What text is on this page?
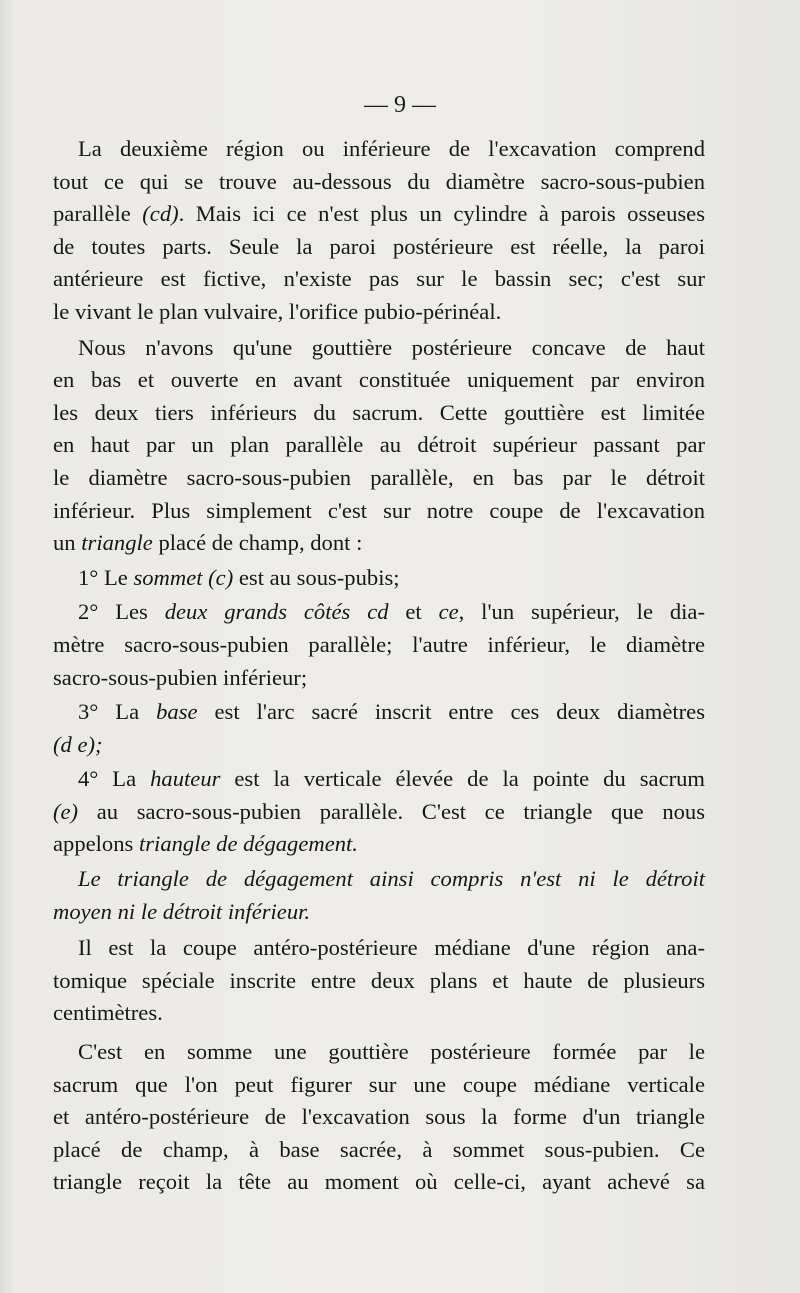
— 9 —
La deuxième région ou inférieure de l'excavation comprend
tout ce qui se trouve au-dessous du diamètre sacro-sous-pubien
parallèle (cd). Mais ici ce n'est plus un cylindre à parois osseuses
de toutes parts. Seule la paroi postérieure est réelle, la paroi
antérieure est fictive, n'existe pas sur le bassin sec; c'est sur
le vivant le plan vulvaire, l'orifice pubio-périnéal.
Nous n'avons qu'une gouttière postérieure concave de haut
en bas et ouverte en avant constituée uniquement par environ
les deux tiers inférieurs du sacrum. Cette gouttière est limitée
en haut par un plan parallèle au détroit supérieur passant par
le diamètre sacro-sous-pubien parallèle, en bas par le détroit
inférieur. Plus simplement c'est sur notre coupe de l'excavation
un triangle placé de champ, dont :
1° Le sommet (c) est au sous-pubis;
2° Les deux grands côtés cd et ce, l'un supérieur, le dia-
mètre sacro-sous-pubien parallèle; l'autre inférieur, le diamètre
sacro-sous-pubien inférieur;
3° La base est l'arc sacré inscrit entre ces deux diamètres
(d e);
4° La hauteur est la verticale élevée de la pointe du sacrum
(e) au sacro-sous-pubien parallèle. C'est ce triangle que nous
appelons triangle de dégagement.
Le triangle de dégagement ainsi compris n'est ni le détroit
moyen ni le détroit inférieur.
Il est la coupe antéro-postérieure médiane d'une région ana-
tomique spéciale inscrite entre deux plans et haute de plusieurs
centimètres.
C'est en somme une gouttière postérieure formée par le
sacrum que l'on peut figurer sur une coupe médiane verticale
et antéro-postérieure de l'excavation sous la forme d'un triangle
placé de champ, à base sacrée, à sommet sous-pubien. Ce
triangle reçoit la tête au moment où celle-ci, ayant achevé sa
